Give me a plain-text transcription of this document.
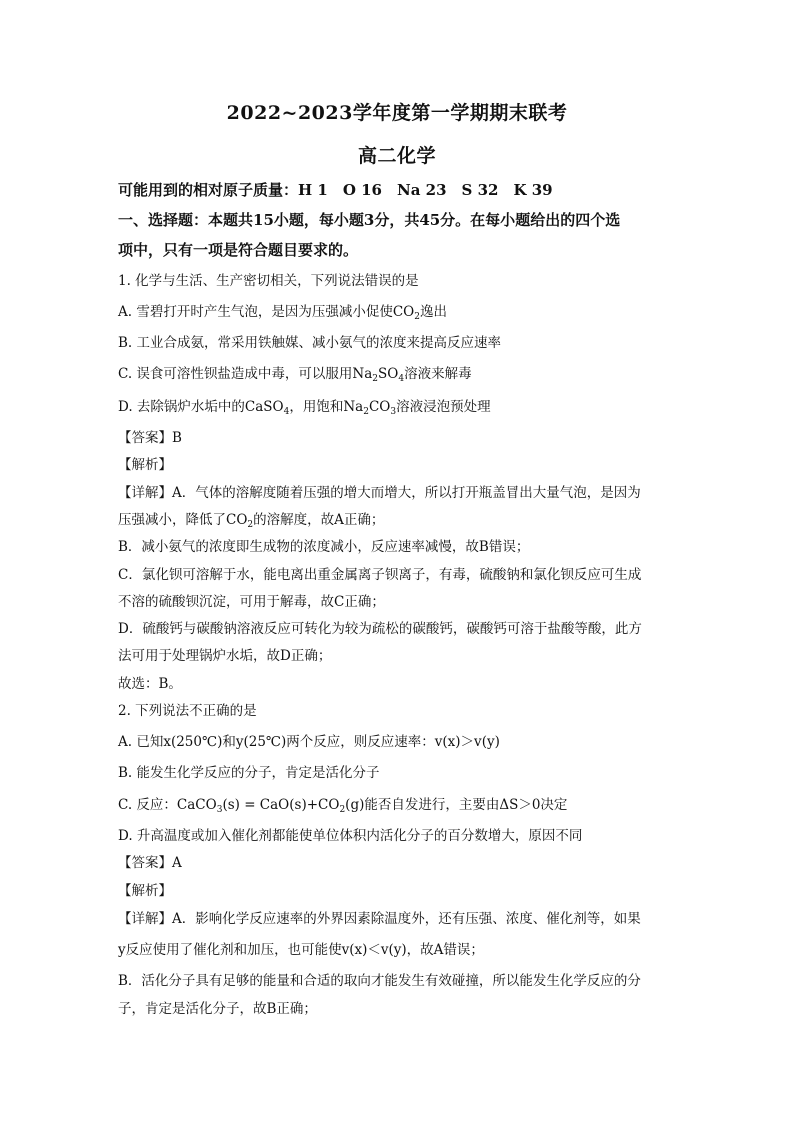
2022~2023学年度第一学期期末联考
高二化学
可能用到的相对原子质量：H 1　O 16　Na 23　S 32　K 39
一、选择题：本题共15小题，每小题3分，共45分。在每小题给出的四个选
项中，只有一项是符合题目要求的。
1. 化学与生活、生产密切相关，下列说法错误的是
A. 雪碧打开时产生气泡，是因为压强减小促使$CO_2$逸出
B. 工业合成氨，常采用铁触媒、减小氨气的浓度来提高反应速率
C. 误食可溶性钡盐造成中毒，可以服用$Na_2SO_4$溶液来解毒
D. 去除锅炉水垢中的CaSO$_4$，用饱和$Na_2CO_3$溶液浸泡预处理
【答案】B
【解析】
【详解】A．气体的溶解度随着压强的增大而增大，所以打开瓶盖冒出大量气泡，是因为
压强减小，降低了$CO_2$的溶解度，故A正确；
B．减小氨气的浓度即生成物的浓度减小，反应速率减慢，故B错误；
C．氯化钡可溶解于水，能电离出重金属离子钡离子，有毒，硫酸钠和氯化钡反应可生成
不溶的硫酸钡沉淀，可用于解毒，故C正确；
D．硫酸钙与碳酸钠溶液反应可转化为较为疏松的碳酸钙，碳酸钙可溶于盐酸等酸，此方
法可用于处理锅炉水垢，故D正确；
故选：B。
2. 下列说法不正确的是
A. 已知x(250℃)和y(25℃)两个反应，则反应速率：v(x)＞v(y)
B. 能发生化学反应的分子，肯定是活化分子
C. 反应：CaCO$_3$(s) = $CaO(s)+CO_2(g)$能否自发进行，主要由ΔS＞0决定
D. 升高温度或加入催化剂都能使单位体积内活化分子的百分数增大，原因不同
【答案】A
【解析】
【详解】A．影响化学反应速率的外界因素除温度外，还有压强、浓度、催化剂等，如果
y反应使用了催化剂和加压，也可能使v(x)＜v(y)，故A错误；
B．活化分子具有足够的能量和合适的取向才能发生有效碰撞，所以能发生化学反应的分
子，肯定是活化分子，故B正确；
